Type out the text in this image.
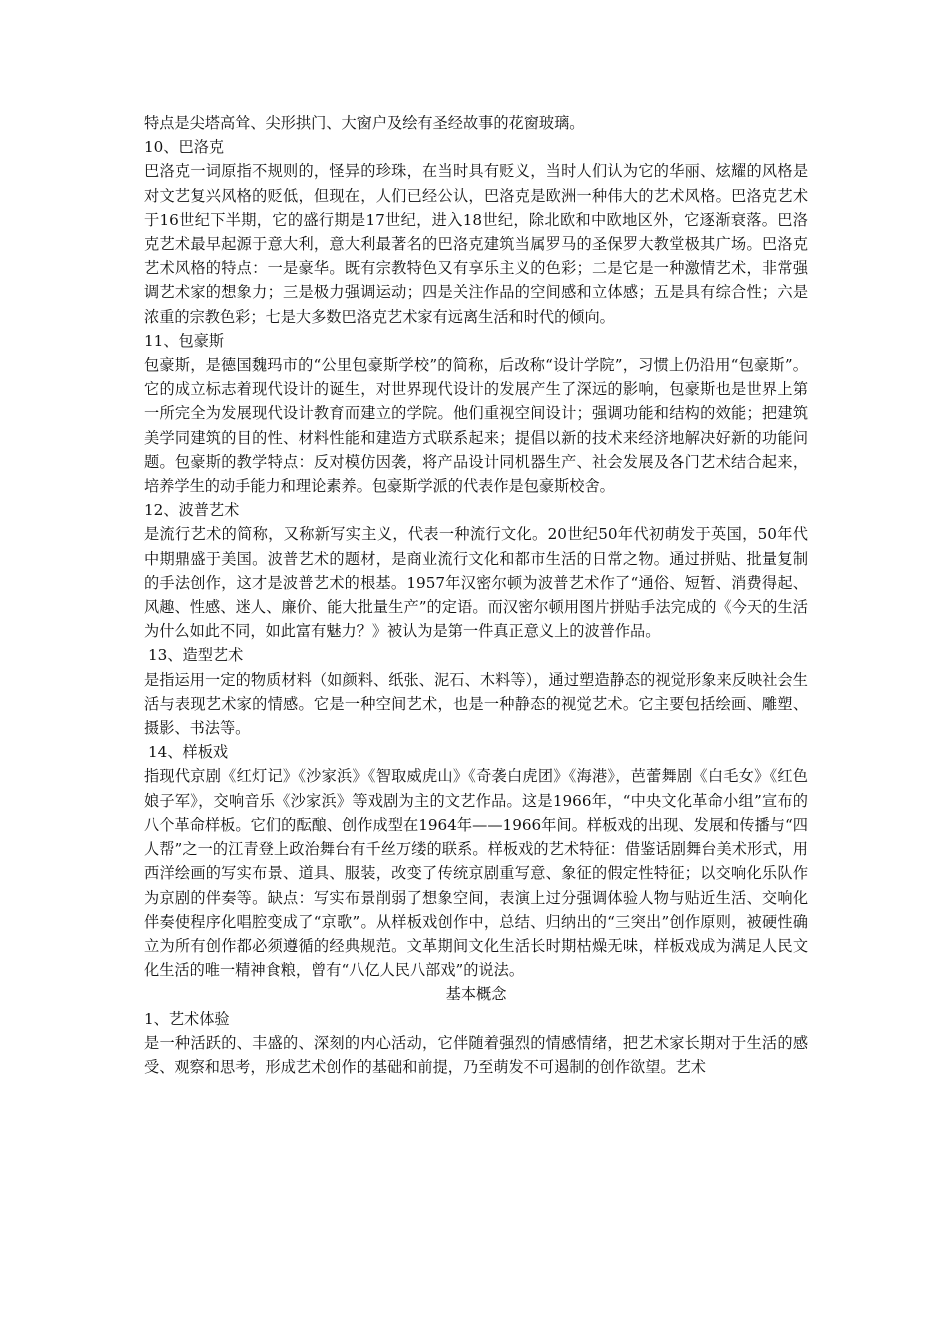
特点是尖塔高耸、尖形拱门、大窗户及绘有圣经故事的花窗玻璃。

10、巴洛克

巴洛克一词原指不规则的，怪异的珍珠，在当时具有贬义，当时人们认为它的华丽、炫耀的风格是对文艺复兴风格的贬低，但现在，人们已经公认，巴洛克是欧洲一种伟大的艺术风格。巴洛克艺术于16世纪下半期，它的盛行期是17世纪，进入18世纪，除北欧和中欧地区外，它逐渐衰落。巴洛克艺术最早起源于意大利，意大利最著名的巴洛克建筑当属罗马的圣保罗大教堂极其广场。巴洛克艺术风格的特点：一是豪华。既有宗教特色又有享乐主义的色彩；二是它是一种激情艺术，非常强调艺术家的想象力；三是极力强调运动；四是关注作品的空间感和立体感；五是具有综合性；六是浓重的宗教色彩；七是大多数巴洛克艺术家有远离生活和时代的倾向。

11、包豪斯

包豪斯，是德国魏玛市的“公里包豪斯学校”的简称，后改称“设计学院”，习惯上仍沿用“包豪斯”。它的成立标志着现代设计的诞生，对世界现代设计的发展产生了深远的影响，包豪斯也是世界上第一所完全为发展现代设计教育而建立的学院。他们重视空间设计；强调功能和结构的效能；把建筑美学同建筑的目的性、材料性能和建造方式联系起来；提倡以新的技术来经济地解决好新的功能问题。包豪斯的教学特点：反对模仿因袭，将产品设计同机器生产、社会发展及各门艺术结合起来，培养学生的动手能力和理论素养。包豪斯学派的代表作是包豪斯校舍。

12、波普艺术

是流行艺术的简称，又称新写实主义，代表一种流行文化。20世纪50年代初萌发于英国，50年代中期鼎盛于美国。波普艺术的题材，是商业流行文化和都市生活的日常之物。通过拼贴、批量复制的手法创作，这才是波普艺术的根基。1957年汉密尔顿为波普艺术作了“通俗、短暂、消费得起、风趣、性感、迷人、廉价、能大批量生产”的定语。而汉密尔顿用图片拼贴手法完成的《今天的生活为什么如此不同，如此富有魅力？》被认为是第一件真正意义上的波普作品。

13、造型艺术

是指运用一定的物质材料（如颜料、纸张、泥石、木料等），通过塑造静态的视觉形象来反映社会生活与表现艺术家的情感。它是一种空间艺术，也是一种静态的视觉艺术。它主要包括绘画、雕塑、摄影、书法等。

14、样板戏

指现代京剧《红灯记》《沙家浜》《智取威虎山》《奇袭白虎团》《海港》，芭蕾舞剧《白毛女》《红色娘子军》，交响音乐《沙家浜》等戏剧为主的文艺作品。这是1966年，“中央文化革命小组”宣布的八个革命样板。它们的酝酿、创作成型在1964年——1966年间。样板戏的出现、发展和传播与“四人帮”之一的江青登上政治舞台有千丝万缕的联系。样板戏的艺术特征：借鉴话剧舞台美术形式，用西洋绘画的写实布景、道具、服装，改变了传统京剧重写意、象征的假定性特征；以交响化乐队作为京剧的伴奏等。缺点：写实布景削弱了想象空间，表演上过分强调体验人物与贴近生活、交响化伴奏使程序化唱腔变成了“京歌”。从样板戏创作中，总结、归纳出的“三突出”创作原则，被硬性确立为所有创作都必须遵循的经典规范。文革期间文化生活长时期枯燥无味，样板戏成为满足人民文化生活的唯一精神食粮，曾有“八亿人民八部戏”的说法。

基本概念

1、艺术体验

是一种活跃的、丰盛的、深刻的内心活动，它伴随着强烈的情感情绪，把艺术家长期对于生活的感受、观察和思考，形成艺术创作的基础和前提，乃至萌发不可遏制的创作欲望。艺术
